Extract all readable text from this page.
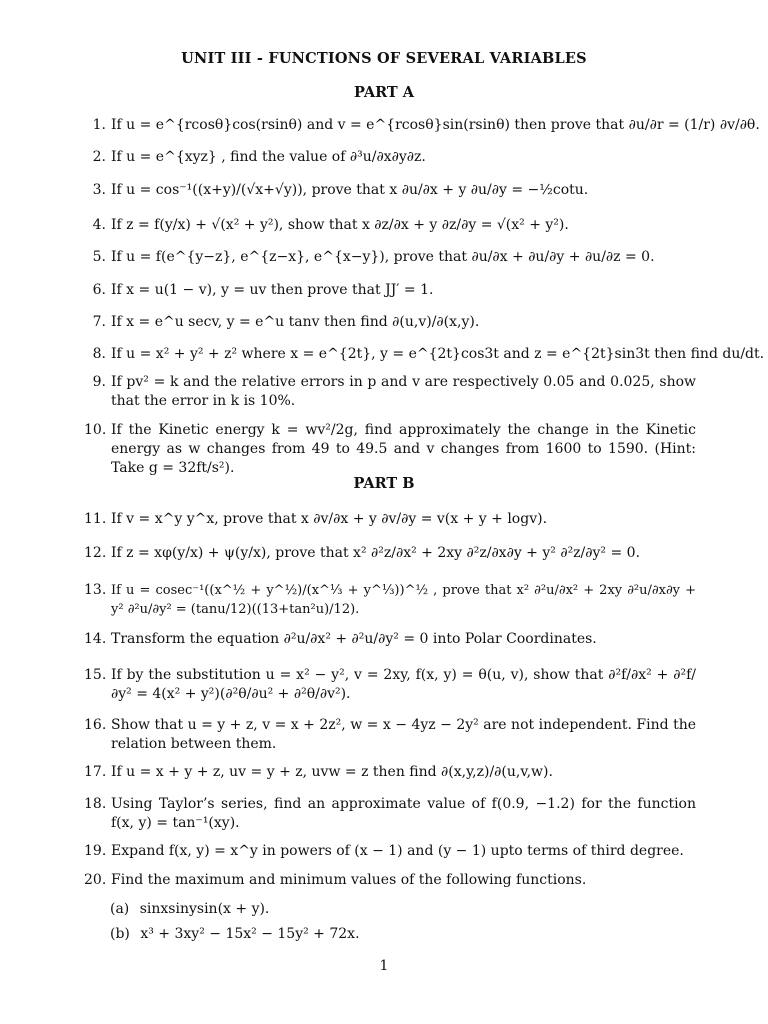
UNIT III - FUNCTIONS OF SEVERAL VARIABLES
PART A
1. If u = e^{rcosθ}cos(rsinθ) and v = e^{rcosθ}sin(rsinθ) then prove that ∂u/∂r = (1/r) ∂v/∂θ.
2. If u = e^{xyz} , find the value of ∂³u/∂x∂y∂z.
3. If u = cos⁻¹((x+y)/(√x+√y)), prove that x ∂u/∂x + y ∂u/∂y = −½cotu.
4. If z = f(y/x) + √(x² + y²), show that x ∂z/∂x + y ∂z/∂y = √(x² + y²).
5. If u = f(e^{y−z}, e^{z−x}, e^{x−y}), prove that ∂u/∂x + ∂u/∂y + ∂u/∂z = 0.
6. If x = u(1 − v), y = uv then prove that JJ′ = 1.
7. If x = e^u secv, y = e^u tanv then find ∂(u,v)/∂(x,y).
8. If u = x² + y² + z² where x = e^{2t}, y = e^{2t}cos3t and z = e^{2t}sin3t then find du/dt.
9. If pv² = k and the relative errors in p and v are respectively 0.05 and 0.025, show that the error in k is 10%.
10. If the Kinetic energy k = wv²/2g, find approximately the change in the Kinetic energy as w changes from 49 to 49.5 and v changes from 1600 to 1590. (Hint: Take g = 32ft/s²).
PART B
11. If v = x^y y^x, prove that x ∂v/∂x + y ∂v/∂y = v(x + y + logv).
12. If z = xφ(y/x) + ψ(y/x), prove that x² ∂²z/∂x² + 2xy ∂²z/∂x∂y + y² ∂²z/∂y² = 0.
13. If u = cosec⁻¹((x^½ + y^½)/(x^⅓ + y^⅓))^½ , prove that x² ∂²u/∂x² + 2xy ∂²u/∂x∂y + y² ∂²u/∂y² = (tanu/12)((13+tan²u)/12).
14. Transform the equation ∂²u/∂x² + ∂²u/∂y² = 0 into Polar Coordinates.
15. If by the substitution u = x² − y², v = 2xy, f(x, y) = θ(u, v), show that ∂²f/∂x² + ∂²f/∂y² = 4(x² + y²)(∂²θ/∂u² + ∂²θ/∂v²).
16. Show that u = y + z, v = x + 2z², w = x − 4yz − 2y² are not independent. Find the relation between them.
17. If u = x + y + z, uv = y + z, uvw = z then find ∂(x,y,z)/∂(u,v,w).
18. Using Taylor’s series, find an approximate value of f(0.9, −1.2) for the function f(x, y) = tan⁻¹(xy).
19. Expand f(x, y) = x^y in powers of (x − 1) and (y − 1) upto terms of third degree.
20. Find the maximum and minimum values of the following functions.
(a) sinxsinysin(x + y).
(b) x³ + 3xy² − 15x² − 15y² + 72x.
1
